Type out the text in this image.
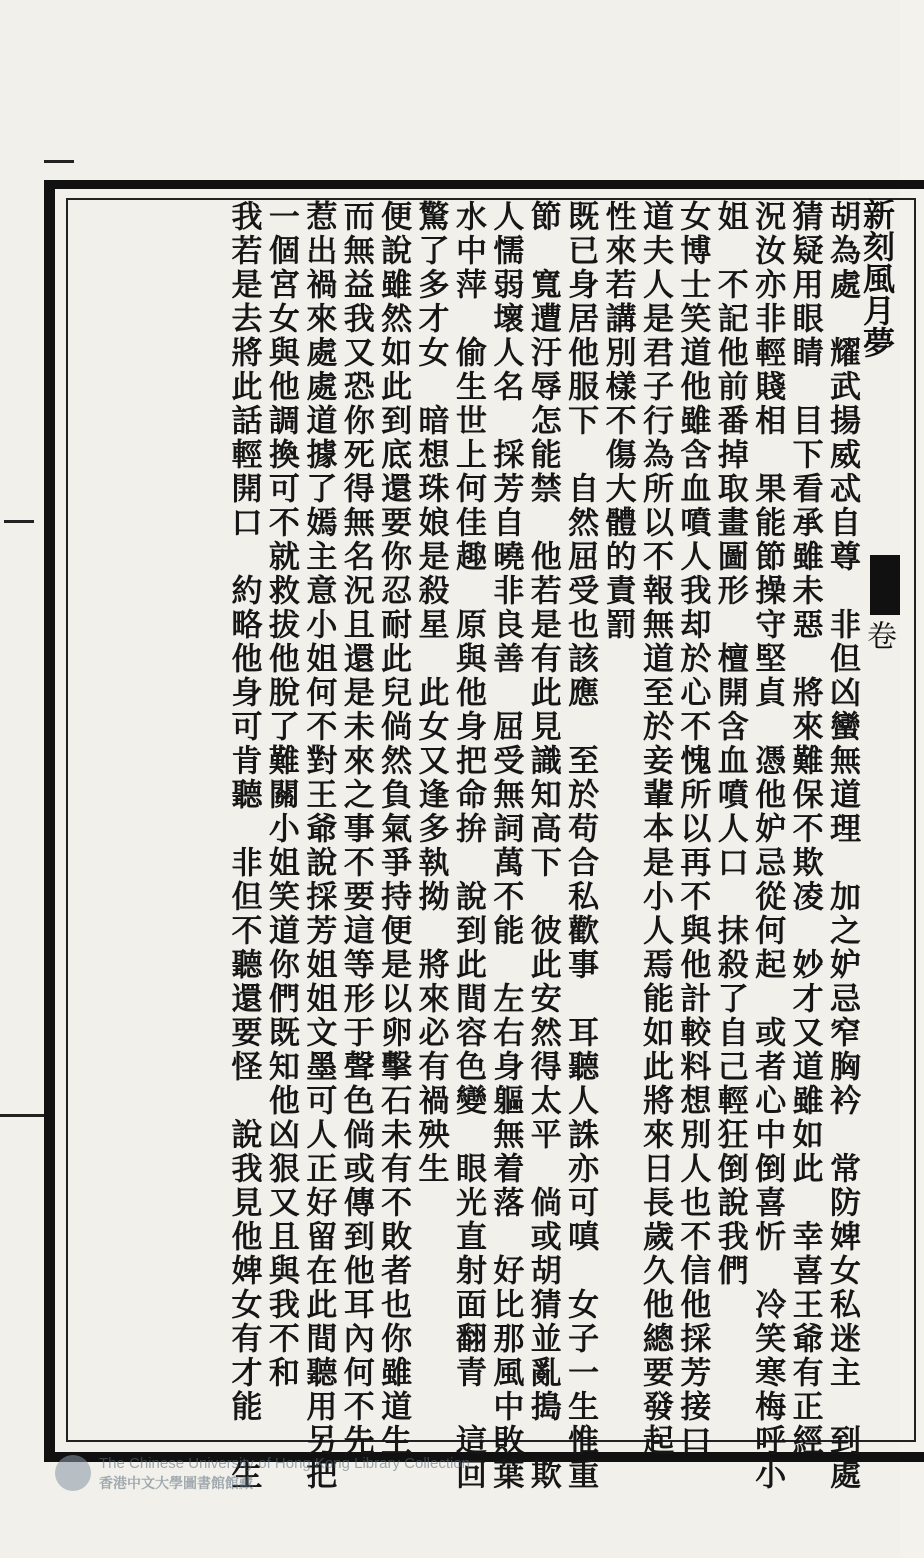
新刻風月夢
卷
胡為處　耀武揚威忒自尊　非但凶蠻無道理　加之妒忌窄胸衿　常防婢女私迷主　到處
猜疑用眼睛　目下看承雖未惡　將來難保不欺凌　妙才又道雖如此　幸喜王爺有正經
況汝亦非輕賤相　果能節操守堅貞　憑他妒忌從何起　或者心中倒喜忻　冷笑寒梅呼小
姐　不記他前番掉取畫圖形　檀開含血噴人口　抹殺了自己輕狂倒說我們
女博士笑道他雖含血噴人我却於心不愧所以再不與他計較料想別人也不信他採芳接口
道夫人是君子行為所以不報無道至於妾輩本是小人焉能如此將來日長歲久他總要發起
性來若講別樣不傷大體的責罰
既已身居他服下　自然屈受也該應　至於苟合私歡事　耳聽人誅亦可嗔　女子一生惟重
節　寬遭汙辱怎能禁　他若是有此見識知高下　彼此安然得太平　倘或胡猜並亂搗　欺
人懦弱壞人名　採芳自曉非良善　屈受無詞萬不能　左右身軀無着落　好比那風中敗葉
水中萍　偷生世上何佳趣　原與他身把命拚　說到此間容色變　眼光直射面翻青　這回
驚了多才女　暗想珠娘是殺星　此女又逢多執拗　將來必有禍殃生
便說雖然如此到底還要你忍耐此兒倘然負氣爭持便是以卵擊石未有不敗者也你雖道生
而無益我又恐你死得無名況且還是未來之事不要這等形于聲色倘或傳到他耳內何不先
惹出禍來處處道據了嫣主意小姐何不對王爺說採芳姐姐文墨可人正好留在此間聽用另把
一個宮女與他調換可不就救拔他脫了難關小姐笑道你們既知他凶狠又且與我不和
我若是去將此話輕開口　約略他身可肯聽　非但不聽還要怪　說我見他婢女有才能　生
The Chinese University of Hong Kong Library Collection
香港中文大學圖書館館藏
